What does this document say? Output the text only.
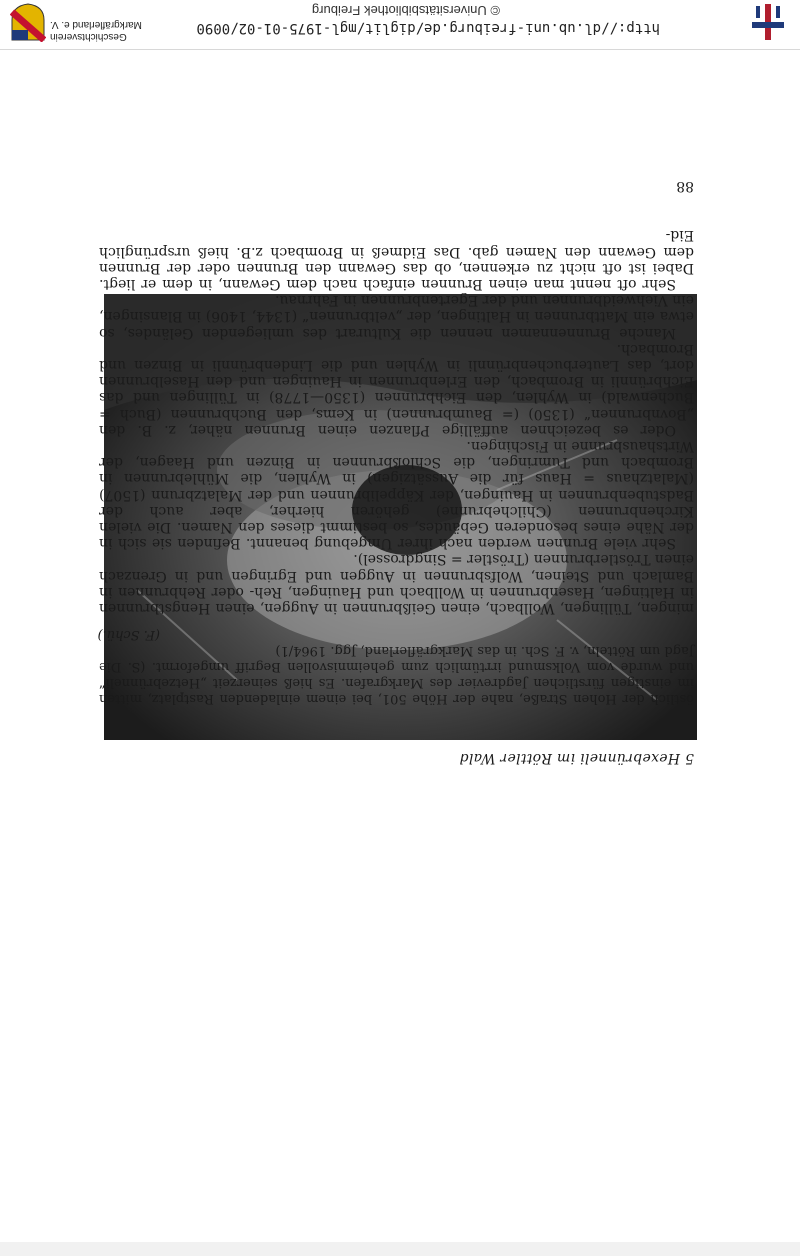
5 Hexebrünneli im Röttler Wald
östlich der Hohen Straße, nahe der Höhe 501, bei einem einladenden Rastplatz, mitten im einstigen fürstlichen Jagdrevier des Markgrafen. Es hieß seinerzeit „Hetzebrünneli“ und wurde vom Volksmund irrtümlich zum geheimnisvollen Begriff umgeformt. (S. Die Jagd um Rötteln, v. F. Sch. in das Markgräflerland, Jgg. 1964/1)
(F. Schü.)

mingen, Tüllingen, Wollbach, einen Geißbrunnen in Auggen, einen Hengstbrunnen in Haltingen, Hasenbrunnen in Wollbach und Hauingen, Reh- oder Rehbrunnen in Bamlach und Steinen, Wolfsbrunnen in Auggen und Egringen und in Grenzach einen Tröstlerbrunnen (Tröstler = Singdrossel).

Sehr viele Brunnen werden nach ihrer Umgebung benannt. Befinden sie sich in der Nähe eines besonderen Gebäudes, so bestimmt dieses den Namen. Die vielen Kirchenbrunnen (Chilchebrunne) gehören hierher, aber auch der Badstubenbrunnen in Hauingen, der Käppelibrunnen und der Malatzbrunn (1507) (Malatzhaus = Haus für die Aussätzigen) in Wyhlen, die Mühlebrunnen in Brombach und Tumringen, die Schloßbrunnen in Binzen und Haagen, der Wirtshausbrunne in Fischingen.

Oder es bezeichnen auffällige Pflanzen einen Brunnen näher, z. B. den „Bovnbrunnen“ (1350) (= Baumbrunnen) in Kems, den Buchbrunnen (Buch = Buchenwald) in Wyhlen, den Eichbrunnen (1350—1778) in Tüllingen und das Eichbrünnli in Brombach, den Erlenbrunnen in Hauingen und den Haselbrunnen dort, das Lauterbuchenbrünnli in Wyhlen und die Lindenbrünnli in Binzen und Brombach.

Manche Brunnennamen nennen die Kulturart des umliegenden Geländes, so etwa ein Mattbrunnen in Haltingen, der „veltbrunnen“ (1344, 1406) in Blansingen, ein Viehweidbrunnen und der Egertenbrunnen in Fahrnau.

Sehr oft nennt man einen Brunnen einfach nach dem Gewann, in dem er liegt. Dabei ist oft nicht zu erkennen, ob das Gewann den Brunnen oder der Brunnen dem Gewann den Namen gab. Das Eidmeß in Brombach z.B. hieß ursprünglich Eid-

88
http://dl.ub.uni-freiburg.de/diglit/mgl-1975-01-02/0090
© Universitätsbibliothek Freiburg
Geschichtsverein Markgräflerland e. V.
